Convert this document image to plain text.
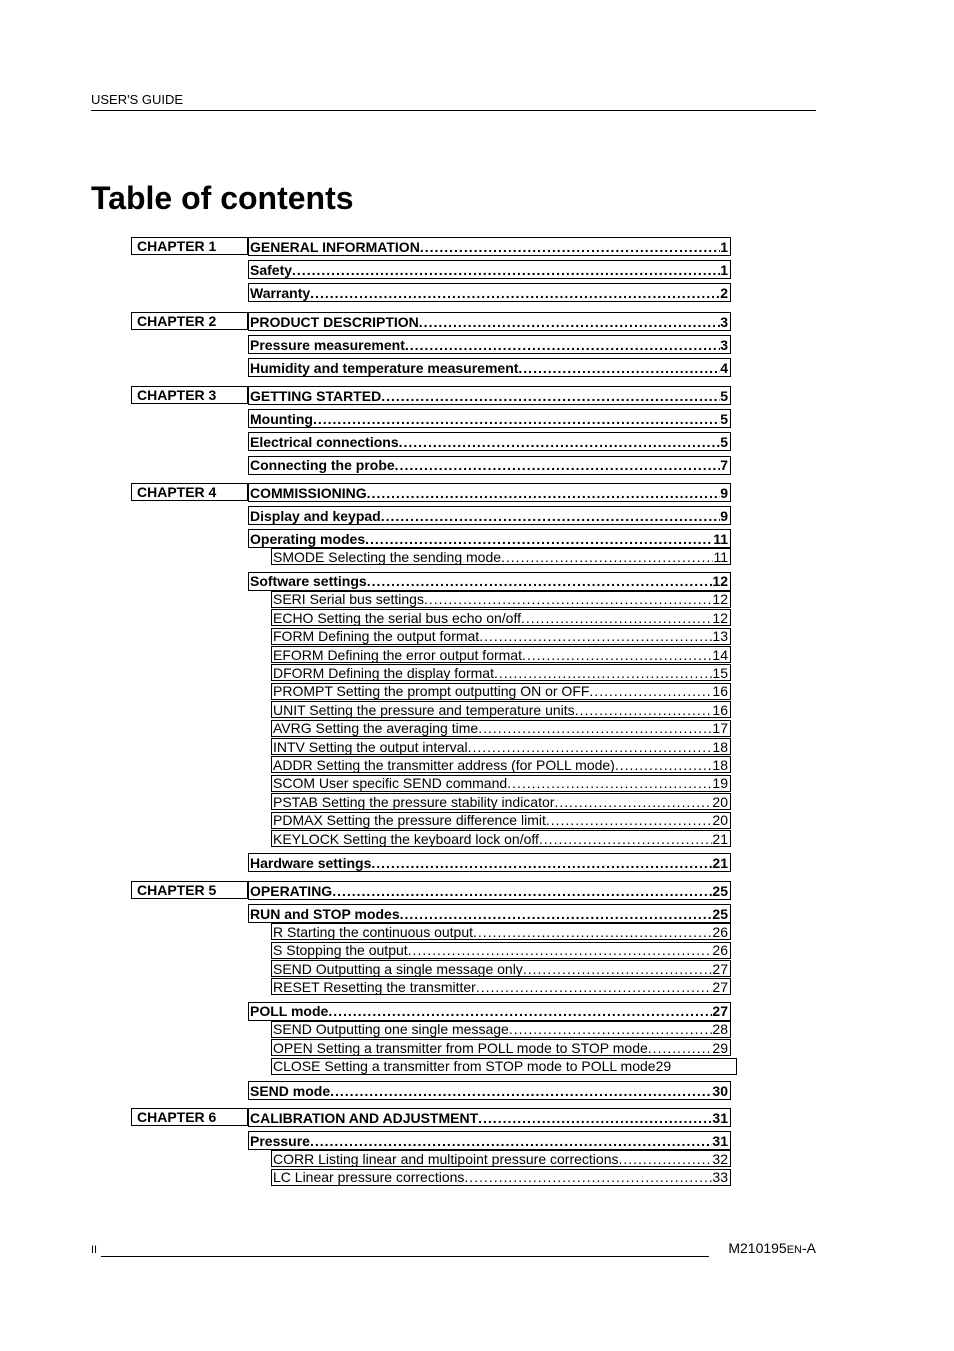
USER'S GUIDE
Table of contents
CHAPTER 1	GENERAL INFORMATION .....	1
Safety .....	1
Warranty .....	2
CHAPTER 2	PRODUCT DESCRIPTION .....	3
Pressure measurement .....	3
Humidity and temperature measurement .....	4
CHAPTER 3	GETTING STARTED .....	5
Mounting .....	5
Electrical connections .....	5
Connecting the probe .....	7
CHAPTER 4	COMMISSIONING .....	9
Display and keypad .....	9
Operating modes .....	11
SMODE Selecting the sending mode .....	11
Software settings .....	12
SERI Serial bus settings .....	12
ECHO Setting the serial bus echo on/off .....	12
FORM Defining the output format .....	13
EFORM Defining the error output format .....	14
DFORM Defining the display format .....	15
PROMPT Setting the prompt outputting ON or OFF .....	16
UNIT Setting the pressure and temperature units .....	16
AVRG Setting the averaging time .....	17
INTV Setting the output interval .....	18
ADDR Setting the transmitter address (for POLL mode) .....	18
SCOM User specific SEND command .....	19
PSTAB Setting the pressure stability indicator .....	20
PDMAX Setting the pressure difference limit .....	20
KEYLOCK Setting the keyboard lock on/off .....	21
Hardware settings .....	21
CHAPTER 5	OPERATING .....	25
RUN and STOP modes .....	25
R Starting the continuous output .....	26
S Stopping the output .....	26
SEND Outputting a single message only .....	27
RESET Resetting the transmitter .....	27
POLL mode .....	27
SEND Outputting one single message .....	28
OPEN Setting a transmitter from POLL mode to STOP mode .....	29
CLOSE Setting a transmitter from STOP mode to POLL mode 29
SEND mode .....	30
CHAPTER 6	CALIBRATION AND ADJUSTMENT .....	31
Pressure .....	31
CORR Listing linear and multipoint pressure corrections .....	32
LC Linear pressure corrections .....	33
II	M210195EN-A
